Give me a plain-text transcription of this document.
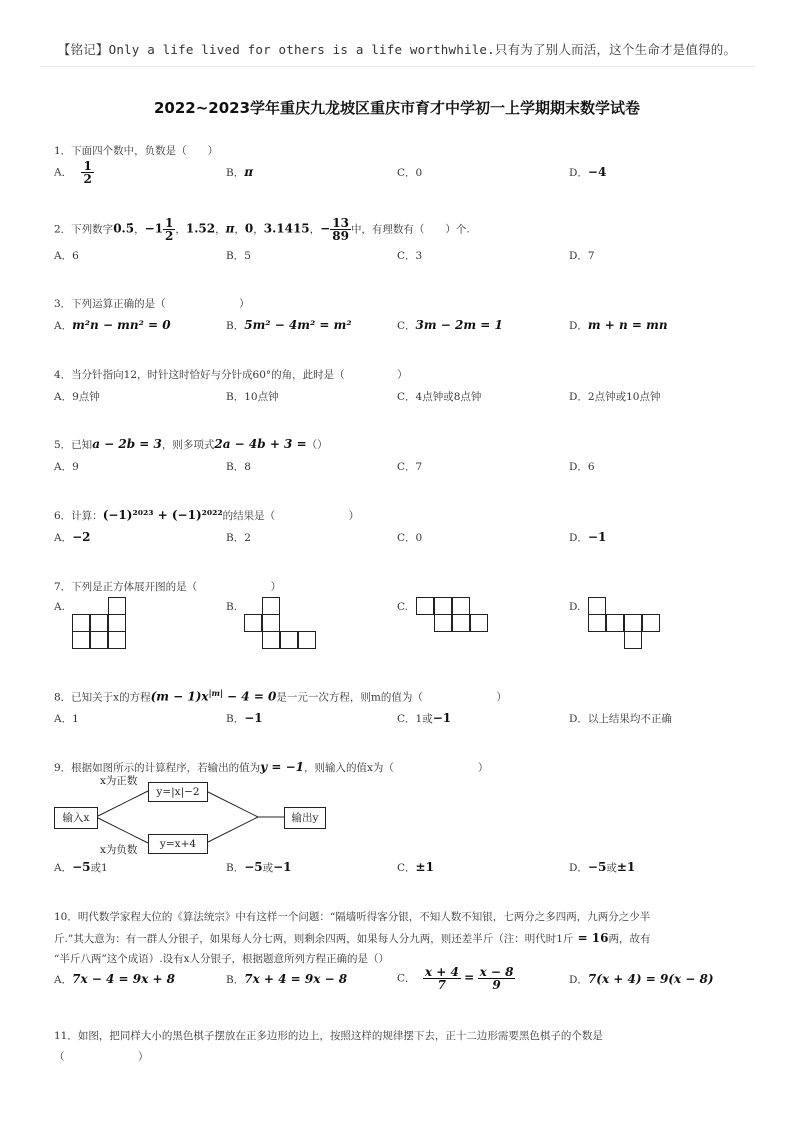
【铭记】Only a life lived for others is a life worthwhile.只有为了别人而活，这个生命才是值得的。
2022~2023学年重庆九龙坡区重庆市育才中学初一上学期期末数学试卷
1．下面四个数中，负数是（　　）
A． $\frac{1}{2}$	B．π	C．0	D．−4
2．下列数字0.5̇，$-1 \frac{1}{2}$ ，1.52，π，0，3.1415，− $\frac{13}{89}$ 中，有理数有（　　）个.
A．6	B．5	C．3	D．7
3．下列运算正确的是（　　　　　　　）
A．m²n − mn² = 0	B．5m² − 4m² = m²	C．3m − 2m = 1	D．m + n = mn
4．当分针指向12，时针这时恰好与分针成60°的角，此时是（　　　　　）
A．9点钟	B．10点钟	C．4点钟或8点钟	D．2点钟或10点钟
5．已知a − 2b = 3，则多项式2a − 4b + 3 =（）
A．9	B．8	C．7	D．6
6．计算：(−1)²⁰²³ + (−1)²⁰²²的结果是（　　　　　　　）
A．−2	B．2	C．0	D．−1
7．下列是正方体展开图的是（　　　　　　　）
A.	B.	C.	D.
8．已知关于x的方程$(m - 1)x^{|m|} - 4 = 0$是一元一次方程，则m的值为（　　　　　　　）
A．1	B．−1	C．1或−1	D．以上结果均不正确
9．根据如图所示的计算程序，若输出的值为y = −1，则输入的值x为（　　　　　　　　）
x为正数
x为负数
输入x
y=|x|−2
y=x+4
输出y
A．−5或1	B．−5或−1	C．±1	D．−5或±1
10．明代数学家程大位的《算法统宗》中有这样一个问题：“隔墙听得客分银，不知人数不知银，七两分之多四两，九两分之少半
斤.”其大意为：有一群人分银子，如果每人分七两，则剩余四两，如果每人分九两，则还差半斤（注：明代时1斤 = 16两，故有
“半斤八两”这个成语）.设有x人分银子，根据题意所列方程正确的是（）
A．7x − 4 = 9x + 8	B．7x + 4 = 9x − 8	C． $\frac{x + 4}{7} = \frac{x - 8}{9}$	D．7(x + 4) = 9(x − 8)
11．如图，把同样大小的黑色棋子摆放在正多边形的边上，按照这样的规律摆下去，正十二边形需要黑色棋子的个数是
（　　　　　　　）
